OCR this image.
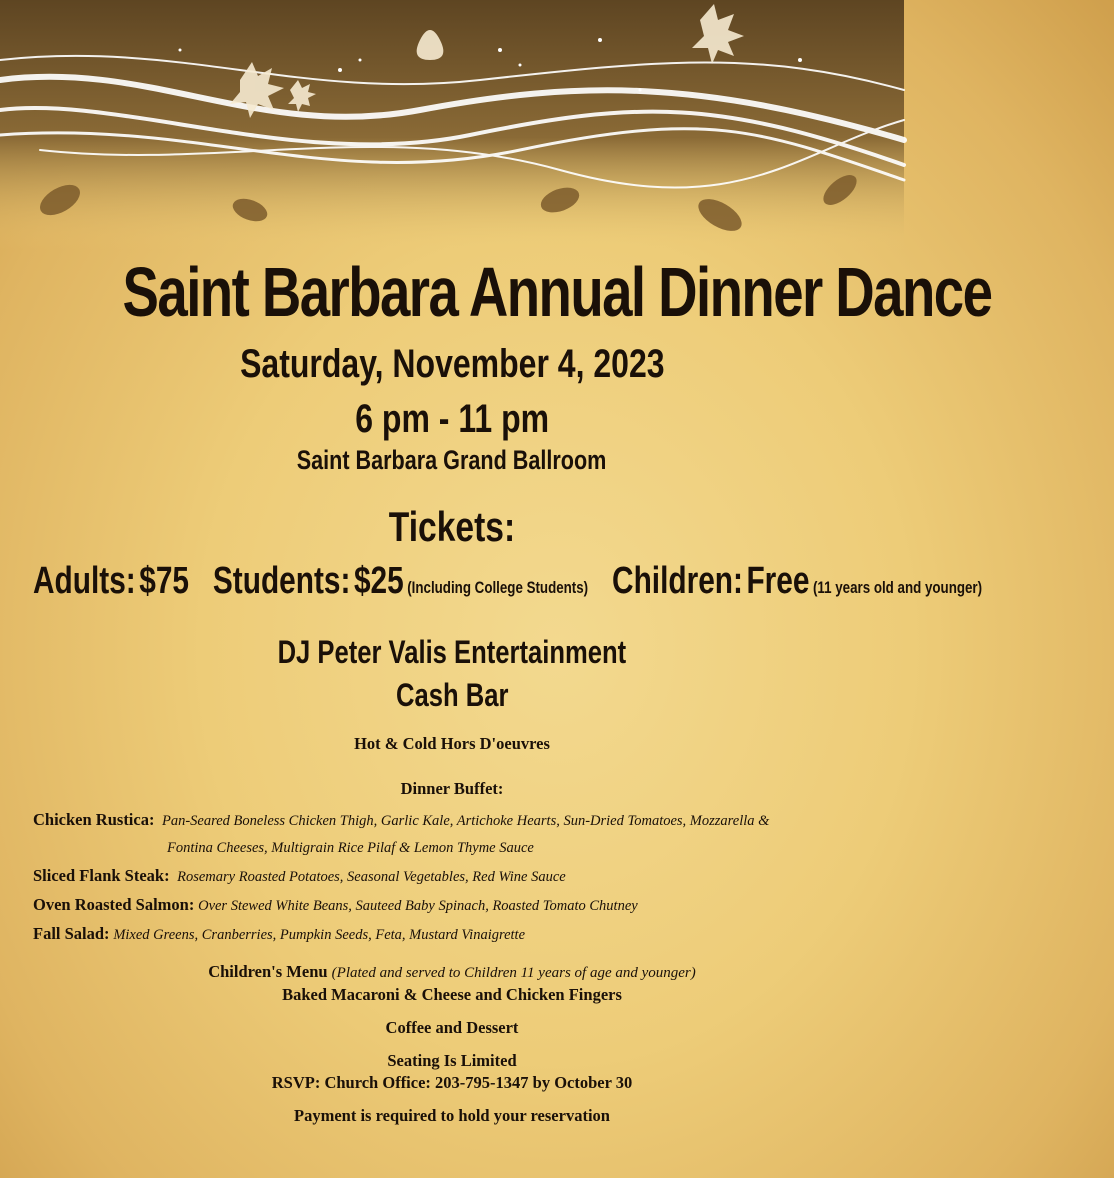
Saint Barbara Annual Dinner Dance
Saturday, November 4, 2023
6 pm - 11 pm
Saint Barbara Grand Ballroom
Tickets:
Adults: $75 Students: $25 (Including College Students) Children: Free (11 years old and younger)
DJ Peter Valis Entertainment
Cash Bar
Hot & Cold Hors D'oeuvres
Dinner Buffet:
Chicken Rustica: Pan-Seared Boneless Chicken Thigh, Garlic Kale, Artichoke Hearts, Sun-Dried Tomatoes, Mozzarella &
Fontina Cheeses, Multigrain Rice Pilaf & Lemon Thyme Sauce
Sliced Flank Steak: Rosemary Roasted Potatoes, Seasonal Vegetables, Red Wine Sauce
Oven Roasted Salmon: Over Stewed White Beans, Sauteed Baby Spinach, Roasted Tomato Chutney
Fall Salad: Mixed Greens, Cranberries, Pumpkin Seeds, Feta, Mustard Vinaigrette
Children's Menu (Plated and served to Children 11 years of age and younger)
Baked Macaroni & Cheese and Chicken Fingers
Coffee and Dessert
Seating Is Limited
RSVP: Church Office: 203-795-1347 by October 30
Payment is required to hold your reservation
